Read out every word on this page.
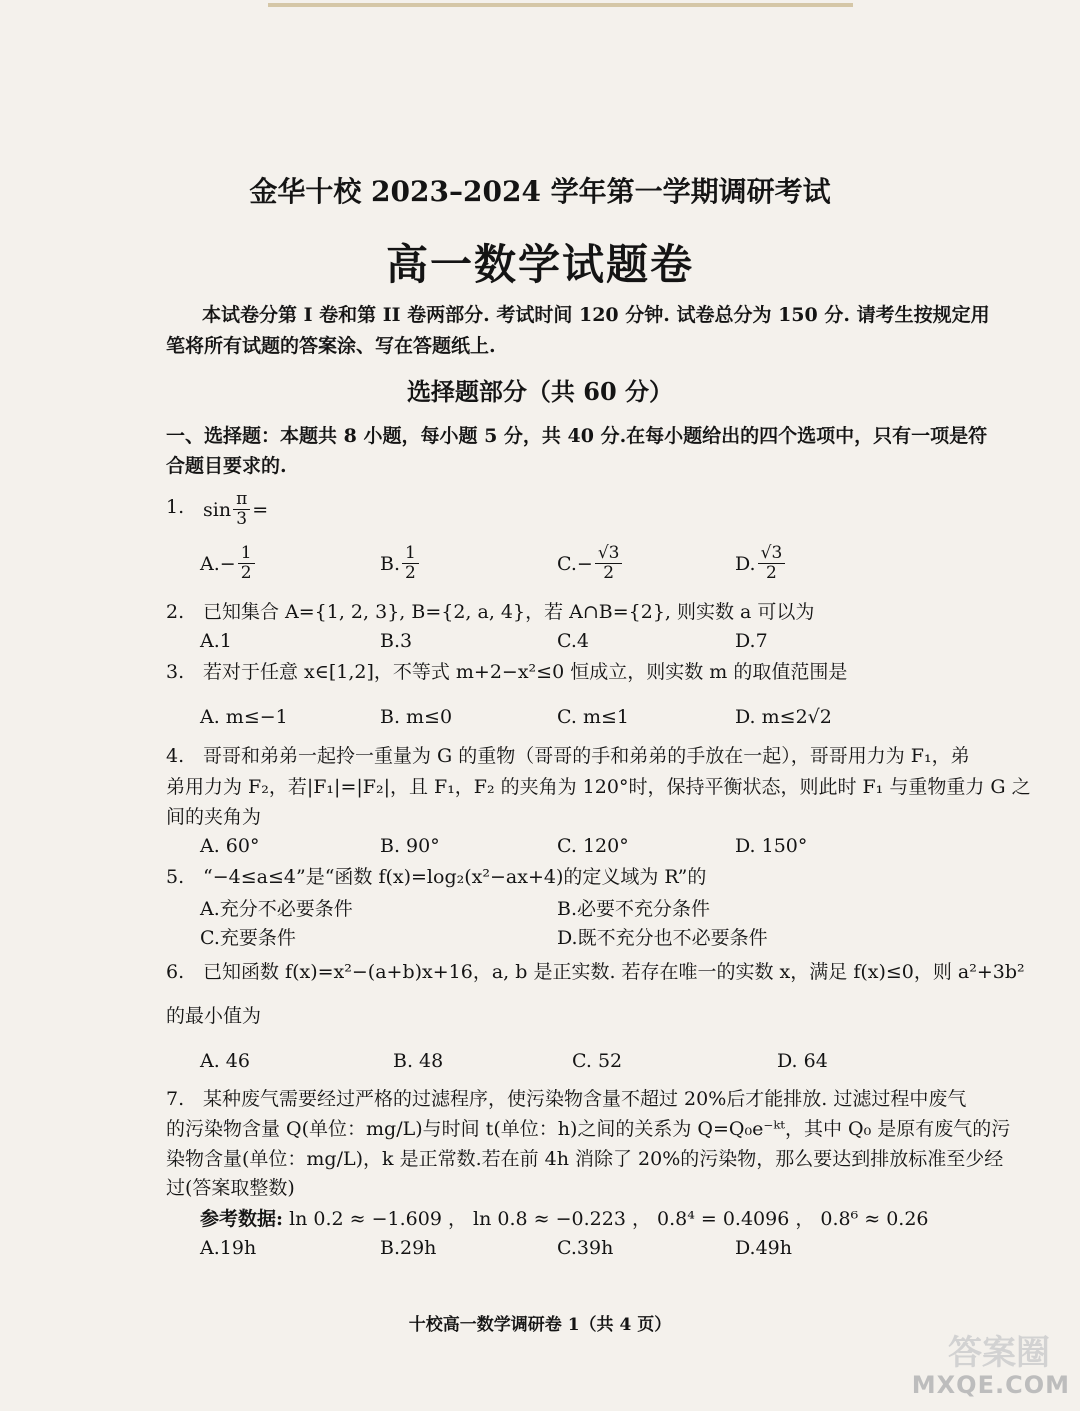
金华十校 2023–2024 学年第一学期调研考试
高一数学试题卷
本试卷分第 I 卷和第 II 卷两部分. 考试时间 120 分钟. 试卷总分为 150 分. 请考生按规定用
笔将所有试题的答案涂、写在答题纸上.
选择题部分（共 60 分）
一、选择题：本题共 8 小题，每小题 5 分，共 40 分.在每小题给出的四个选项中，只有一项是符
合题目要求的.
1. $\sin \frac{\pi}{3}$ =
$A.- \frac{1}{2}$	B. $\frac{1}{2}$	$C.- \frac{√3}{2}$	D. $\frac{√3}{2}$
2. 已知集合 A={1, 2, 3}, B={2, a, 4}，若 A∩B={2}, 则实数 a 可以为
A.1	B.3	C.4	D.7
3. 若对于任意 x∈[1,2]，不等式 m+2−x²≤0 恒成立，则实数 m 的取值范围是
A. m≤−1	B. m≤0	C. m≤1	D. m≤2√2
4. 哥哥和弟弟一起拎一重量为 G 的重物（哥哥的手和弟弟的手放在一起），哥哥用力为 F₁，弟
弟用力为 F₂，若|F₁|=|F₂|，且 F₁，F₂ 的夹角为 120°时，保持平衡状态，则此时 F₁ 与重物重力 G 之
间的夹角为
A. 60°	B. 90°	C. 120°	D. 150°
5. “−4≤a≤4”是“函数 f(x)=log₂(x²−ax+4)的定义域为 R”的
A.充分不必要条件	B.必要不充分条件
C.充要条件	D.既不充分也不必要条件
6. 已知函数 f(x)=x²−(a+b)x+16，a, b 是正实数. 若存在唯一的实数 x，满足 f(x)≤0，则 a²+3b²
的最小值为
A. 46	B. 48	C. 52	D. 64
7. 某种废气需要经过严格的过滤程序，使污染物含量不超过 20%后才能排放. 过滤过程中废气
的污染物含量 Q(单位：mg/L)与时间 t(单位：h)之间的关系为 Q=Q₀e⁻ᵏᵗ，其中 Q₀ 是原有废气的污
染物含量(单位：mg/L)，k 是正常数.若在前 4h 消除了 20%的污染物，那么要达到排放标准至少经
过(答案取整数)
参考数据: ln 0.2 ≈ −1.609 ， ln 0.8 ≈ −0.223 ， 0.8⁴ = 0.4096 ， 0.8⁶ ≈ 0.26
A.19h	B.29h	C.39h	D.49h
十校高一数学调研卷 1（共 4 页）
答案圈
MXQE.COM
